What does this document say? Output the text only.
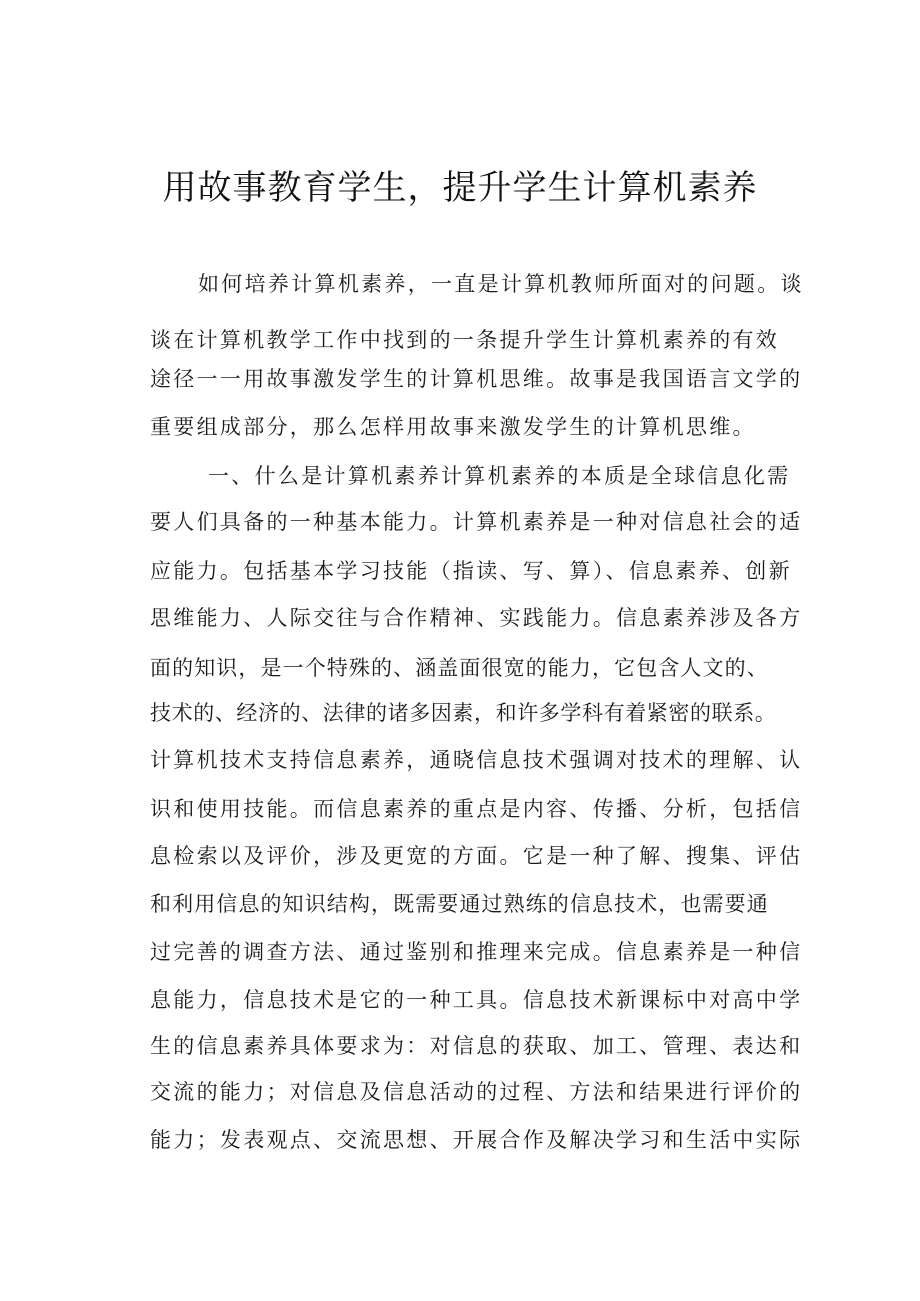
用故事教育学生，提升学生计算机素养
如何培养计算机素养，一直是计算机教师所面对的问题。谈
谈在计算机教学工作中找到的一条提升学生计算机素养的有效
途径一一用故事激发学生的计算机思维。故事是我国语言文学的
重要组成部分，那么怎样用故事来激发学生的计算机思维。
一、什么是计算机素养计算机素养的本质是全球信息化需
要人们具备的一种基本能力。计算机素养是一种对信息社会的适
应能力。包括基本学习技能（指读、写、算）、信息素养、创新
思维能力、人际交往与合作精神、实践能力。信息素养涉及各方
面的知识，是一个特殊的、涵盖面很宽的能力，它包含人文的、
技术的、经济的、法律的诸多因素，和许多学科有着紧密的联系。
计算机技术支持信息素养，通晓信息技术强调对技术的理解、认
识和使用技能。而信息素养的重点是内容、传播、分析，包括信
息检索以及评价，涉及更宽的方面。它是一种了解、搜集、评估
和利用信息的知识结构，既需要通过熟练的信息技术，也需要通
过完善的调查方法、通过鉴别和推理来完成。信息素养是一种信
息能力，信息技术是它的一种工具。信息技术新课标中对高中学
生的信息素养具体要求为：对信息的获取、加工、管理、表达和
交流的能力；对信息及信息活动的过程、方法和结果进行评价的
能力；发表观点、交流思想、开展合作及解决学习和生活中实际
